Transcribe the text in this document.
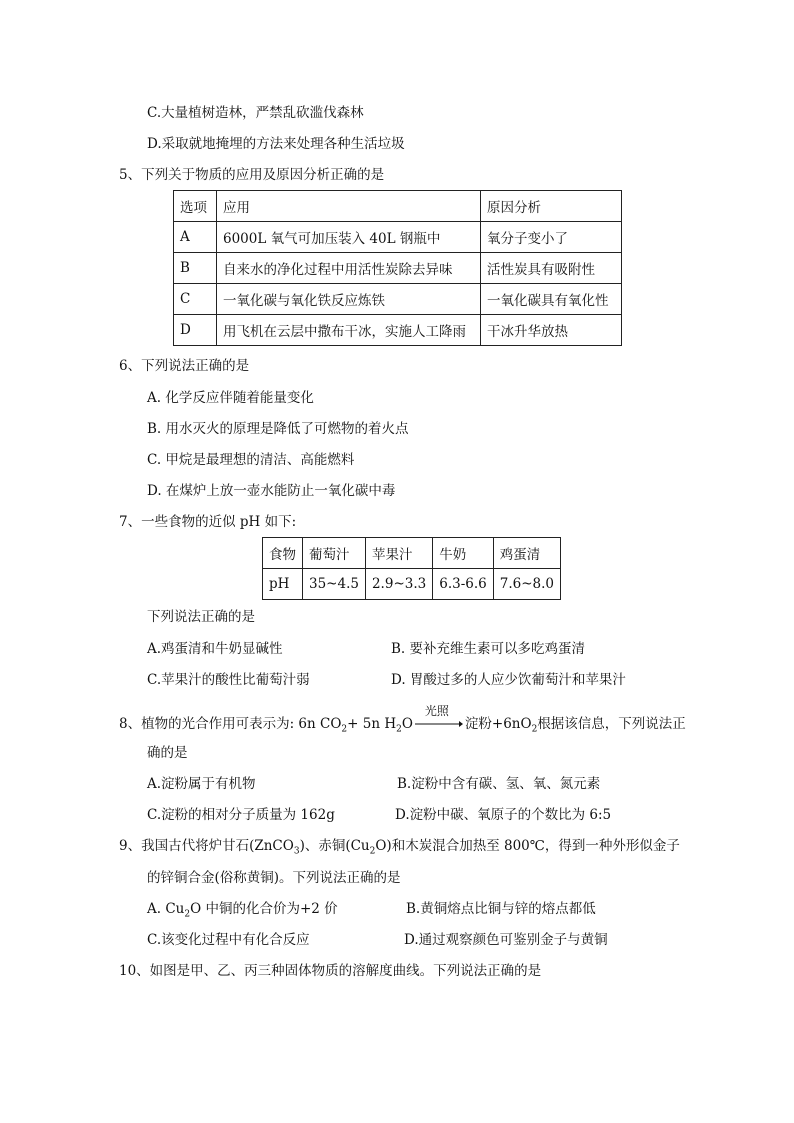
C.大量植树造林，严禁乱砍滥伐森林
D.采取就地掩埋的方法来处理各种生活垃圾
5、下列关于物质的应用及原因分析正确的是
选项	应用	原因分析
A	6000L 氧气可加压装入 40L 钢瓶中	氧分子变小了
B	自来水的净化过程中用活性炭除去异味	活性炭具有吸附性
C	一氧化碳与氧化铁反应炼铁	一氧化碳具有氧化性
D	用飞机在云层中撒布干冰，实施人工降雨	干冰升华放热
6、下列说法正确的是
A. 化学反应伴随着能量变化
B. 用水灭火的原理是降低了可燃物的着火点
C. 甲烷是最理想的清洁、高能燃料
D. 在煤炉上放一壶水能防止一氧化碳中毒
7、一些食物的近似 pH 如下:
食物	葡萄汁	苹果汁	牛奶	鸡蛋清
pH	35~4.5	2.9~3.3	6.3-6.6	7.6~8.0
下列说法正确的是
A.鸡蛋清和牛奶显碱性	B. 要补充维生素可以多吃鸡蛋清
C.苹果汁的酸性比葡萄汁弱	D. 胃酸过多的人应少饮葡萄汁和苹果汁
8、植物的光合作用可表示为: 6n $CO_2+ 5n$ $H_2O$
光照
淀粉$+6nO_2$根据该信息，下列说法正
确的是
A.淀粉属于有机物	B.淀粉中含有碳、氢、氧、氮元素
C.淀粉的相对分子质量为 162g	D.淀粉中碳、氧原子的个数比为 6:5
9、我国古代将炉甘石(ZnCO$_3$)、赤铜$(Cu_2O)$和木炭混合加热至 800℃，得到一种外形似金子
的锌铜合金(俗称黄铜)。下列说法正确的是
A. $Cu_2O$ 中铜的化合价为+2 价	B.黄铜熔点比铜与锌的熔点都低
C.该变化过程中有化合反应	D.通过观察颜色可鉴别金子与黄铜
10、如图是甲、乙、丙三种固体物质的溶解度曲线。下列说法正确的是
